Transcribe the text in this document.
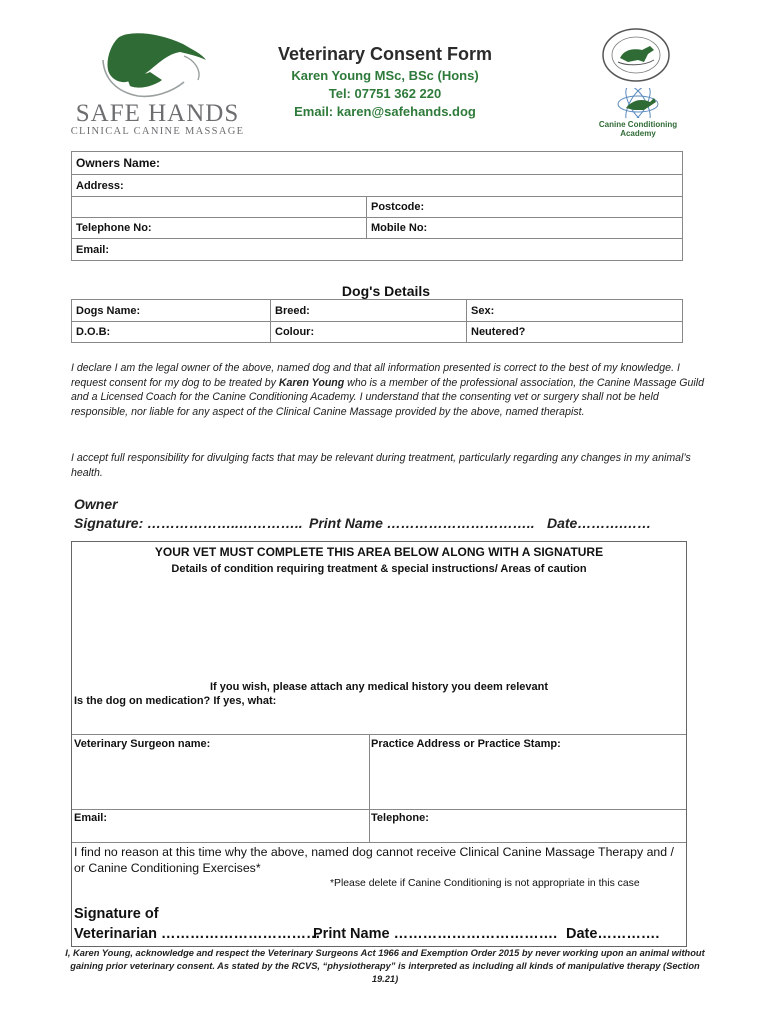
SAFE HANDS
CLINICAL CANINE MASSAGE
Veterinary Consent Form
Karen Young MSc, BSc (Hons)
Tel: 07751 362 220
Email: karen@safehands.dog
Canine Conditioning
Academy
Owners Name:	
Address:	
	Postcode:
Telephone No:	Mobile No:
Email:	
Dog's Details
Dogs Name:	Breed:	Sex:
D.O.B:	Colour:	Neutered?
I declare I am the legal owner of the above, named dog and that all information presented is correct to the best of my knowledge. I request consent for my dog to be treated by Karen Young who is a member of the professional association, the Canine Massage Guild and a Licensed Coach for the Canine Conditioning Academy. I understand that the consenting vet or surgery shall not be held responsible, nor liable for any aspect of the Clinical Canine Massage provided by the above, named therapist.
I accept full responsibility for divulging facts that may be relevant during treatment, particularly regarding any changes in my animal’s health.
Owner
Signature: ………………..………….. Print Name ………………………….. Date……….……
YOUR VET MUST COMPLETE THIS AREA BELOW ALONG WITH A SIGNATURE
Details of condition requiring treatment & special instructions/ Areas of caution
If you wish, please attach any medical history you deem relevant
Is the dog on medication? If yes, what:
Veterinary Surgeon name:	Practice Address or Practice Stamp:
Email:	Telephone:
I find no reason at this time why the above, named dog cannot receive Clinical Canine Massage Therapy and / or Canine Conditioning Exercises*
*Please delete if Canine Conditioning is not appropriate in this case
Signature of
Veterinarian ……………………………
Print Name ……………………………. Date………….
I, Karen Young, acknowledge and respect the Veterinary Surgeons Act 1966 and Exemption Order 2015 by never working upon an animal without gaining prior veterinary consent. As stated by the RCVS, “physiotherapy” is interpreted as including all kinds of manipulative therapy (Section 19.21)
